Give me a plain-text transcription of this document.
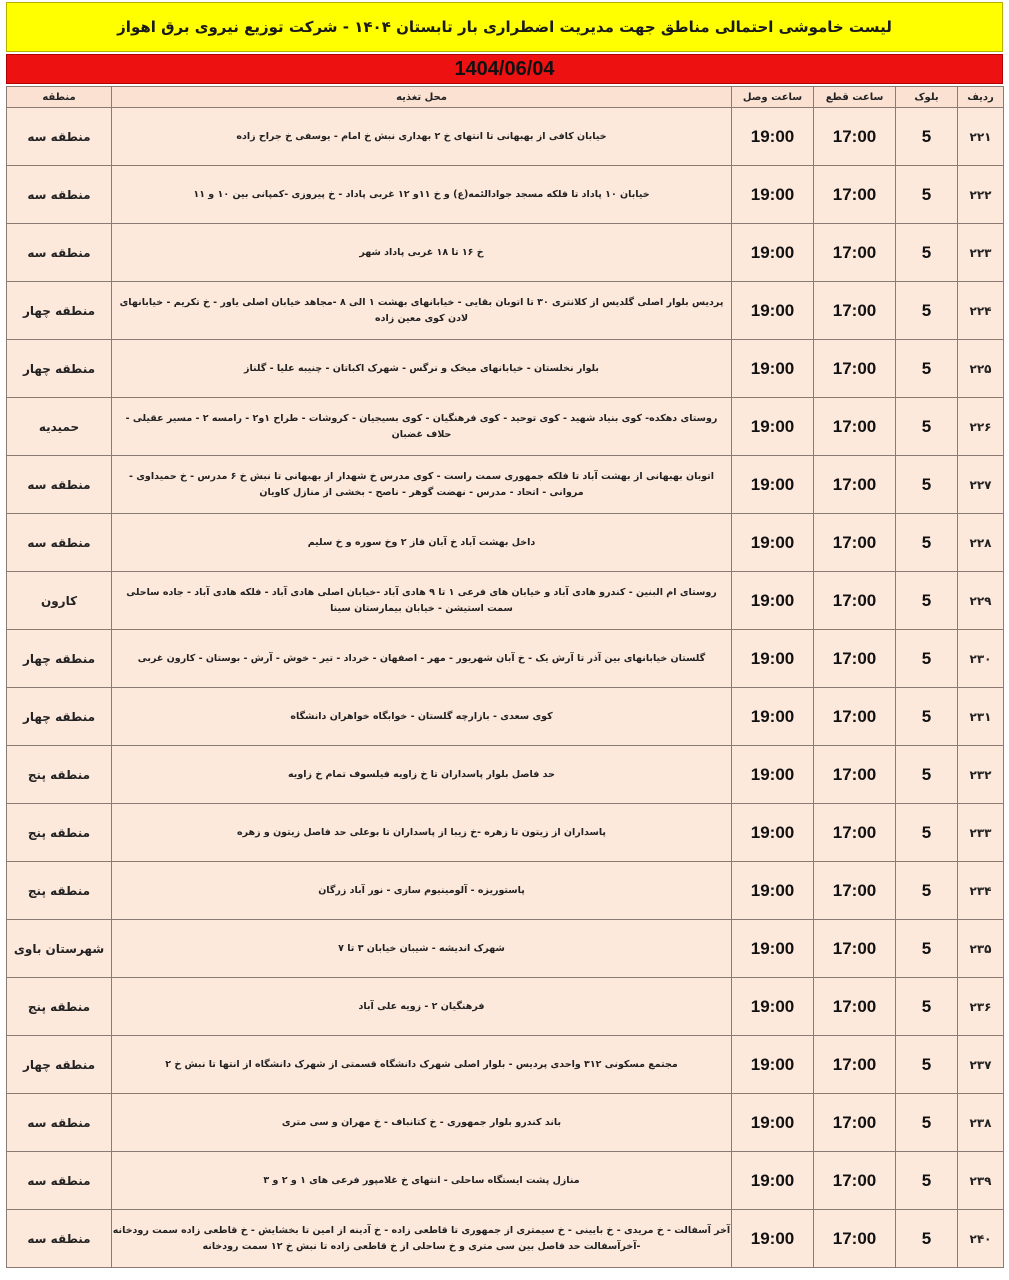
لیست خاموشی احتمالی مناطق جهت مدیریت اضطراری بار تابستان ۱۴۰۴ - شرکت توزیع نیروی برق اهواز
1404/06/04
ردیف	بلوک	ساعت قطع	ساعت وصل	محل تغذیه	منطقه
۲۲۱	5	17:00	19:00	خیابان کافی از بهبهانی تا انتهای خ ۲ بهداری نبش خ امام - یوسفی خ جراح زاده	منطقه سه
۲۲۲	5	17:00	19:00	خیابان ۱۰ پاداد تا فلکه مسجد جوادالئمه(ع) و خ ۱۱و ۱۲ غربی پاداد - خ پیروزی -کمپانی بین ۱۰ و ۱۱	منطقه سه
۲۲۳	5	17:00	19:00	خ ۱۶ تا ۱۸ غربی پاداد شهر	منطقه سه
۲۲۴	5	17:00	19:00	پردیس بلوار اصلی گلدیس از کلانتری ۳۰ تا اتوبان بقایی - خیابانهای بهشت ۱ الی ۸ -مجاهد خیابان اصلی یاور - خ تکریم - خیابانهای لادن کوی معین زاده	منطقه چهار
۲۲۵	5	17:00	19:00	بلوار نخلستان - خیابانهای میخک و نرگس - شهرک اکباتان - چنیبه علیا - گلناز	منطقه چهار
۲۲۶	5	17:00	19:00	روستای دهکده- کوی بنیاد شهید - کوی توحید - کوی فرهنگیان - کوی بسیجیان - کروشات - طراح ۱و۲ - رامسه ۲ - مسیر عقیلی - حلاف غضبان	حمیدیه
۲۲۷	5	17:00	19:00	اتوبان بهبهانی از بهشت آباد تا فلکه جمهوری سمت راست - کوی مدرس خ شهدار از بهبهانی تا نبش خ ۶ مدرس - خ حمیداوی - مروانی - اتحاد - مدرس - نهضت گوهر - ناصح - بخشی از منازل کاویان	منطقه سه
۲۲۸	5	17:00	19:00	داخل بهشت آباد خ آبان فاز ۲ وخ سوره و خ سلیم	منطقه سه
۲۲۹	5	17:00	19:00	روستای ام البنین - کندرو هادی آباد و خیابان های فرعی ۱ تا ۹ هادی آباد -خیابان اصلی هادی آباد - فلکه هادی آباد - جاده ساحلی سمت استیشن - خیابان بیمارستان سینا	کارون
۲۳۰	5	17:00	19:00	گلستان خیابانهای بین آذر تا آرش یک - خ آبان شهریور - مهر - اصفهان - خرداد - تیر - خوش - آرش - بوستان - کارون غربی	منطقه چهار
۲۳۱	5	17:00	19:00	کوی سعدی - بازارچه گلستان - خوابگاه خواهران دانشگاه	منطقه چهار
۲۳۲	5	17:00	19:00	حد فاصل بلوار پاسداران تا خ زاویه فیلسوف تمام خ زاویه	منطقه پنج
۲۳۳	5	17:00	19:00	پاسداران از زیتون تا زهره -خ زیبا از پاسداران تا بوعلی حد فاصل زیتون و زهره	منطقه پنج
۲۳۴	5	17:00	19:00	پاستوریزه - آلومینیوم سازی - نور آباد زرگان	منطقه پنج
۲۳۵	5	17:00	19:00	شهرک اندیشه - شیبان خیابان ۳ تا ۷	شهرستان باوی
۲۳۶	5	17:00	19:00	فرهنگیان ۲ - زویه علی آباد	منطقه پنج
۲۳۷	5	17:00	19:00	مجتمع مسکونی ۳۱۲ واحدی پردیس - بلوار اصلی شهرک دانشگاه قسمتی از شهرک دانشگاه از انتها تا نبش خ ۲	منطقه چهار
۲۳۸	5	17:00	19:00	باند کندرو بلوار جمهوری - خ کتانباف - خ مهران و سی متری	منطقه سه
۲۳۹	5	17:00	19:00	منازل پشت ایستگاه ساحلی - انتهای خ غلامپور فرعی های ۱ و ۲ و ۳	منطقه سه
۲۴۰	5	17:00	19:00	آخر آسفالت - خ مریدی - خ بایینی - خ سیمتری از جمهوری تا قاطعی زاده - خ آدینه از امین تا بخشایش - خ قاطعی زاده سمت رودخانه -آخرآسفالت حد فاصل بین سی متری و خ ساحلی از خ قاطعی زاده تا نبش خ ۱۲ سمت رودخانه	منطقه سه
